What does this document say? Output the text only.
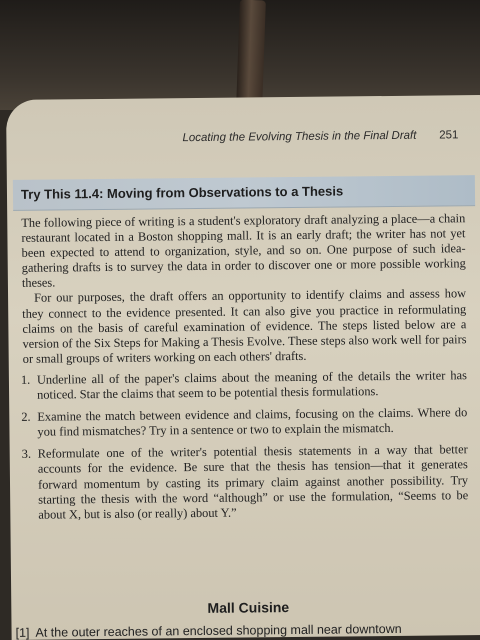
Locating the Evolving Thesis in the Final Draft 251
Try This 11.4: Moving from Observations to a Thesis

The following piece of writing is a student's exploratory draft analyzing a place—a chain restaurant located in a Boston shopping mall. It is an early draft; the writer has not yet been expected to attend to organization, style, and so on. One purpose of such idea-gathering drafts is to survey the data in order to discover one or more possible working theses.

For our purposes, the draft offers an opportunity to identify claims and assess how they connect to the evidence presented. It can also give you practice in reformulating claims on the basis of careful examination of evidence. The steps listed below are a version of the Six Steps for Making a Thesis Evolve. These steps also work well for pairs or small groups of writers working on each others' drafts.

1. Underline all of the paper's claims about the meaning of the details the writer has noticed. Star the claims that seem to be potential thesis formulations.
2. Examine the match between evidence and claims, focusing on the claims. Where do you find mismatches? Try in a sentence or two to explain the mismatch.
3. Reformulate one of the writer's potential thesis statements in a way that better accounts for the evidence. Be sure that the thesis has tension—that it generates forward momentum by casting its primary claim against another possibility. Try starting the thesis with the word “although” or use the formulation, “Seems to be about X, but is also (or really) about Y.”
Mall Cuisine
[1] At the outer reaches of an enclosed shopping mall near downtown
